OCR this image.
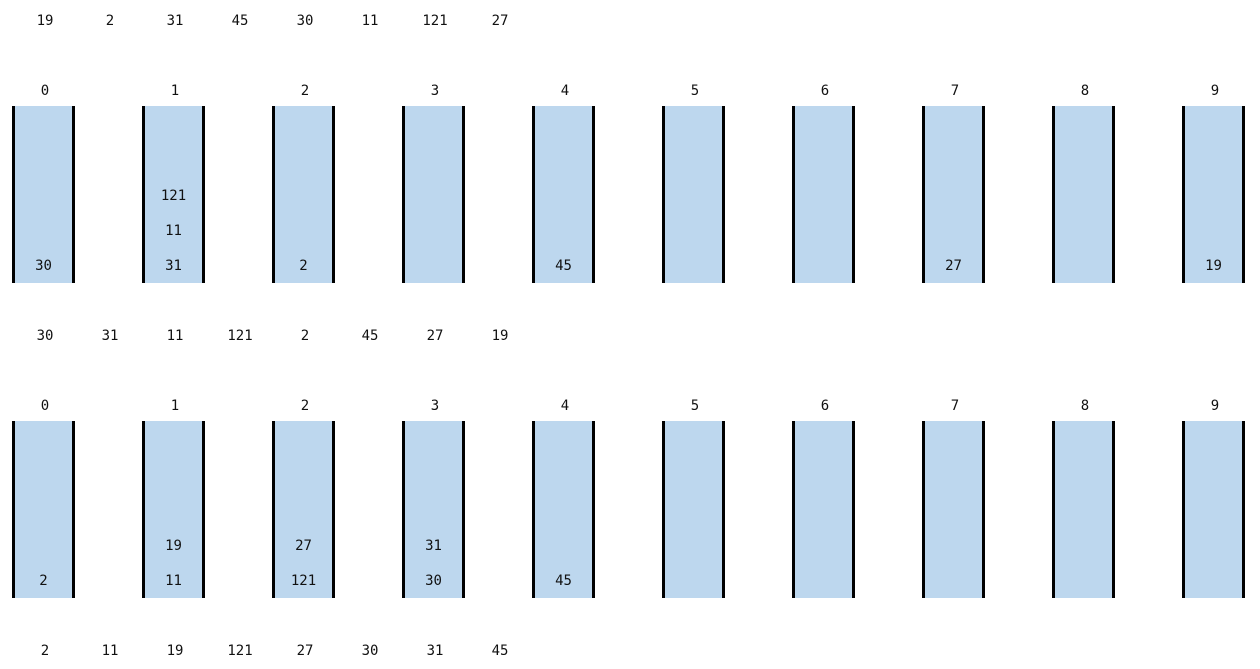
19	2	31	45	30	11	121	27
30	31	11	121	2	45	27	19
2	11	19	121	27	30	31	45
0
30
1
31
11
121
2
2
3	4
45
5	6	7
27
8	9
19
0
2
1
11
19
2
121
27
3
30
31
4
45
5	6	7	8	9
